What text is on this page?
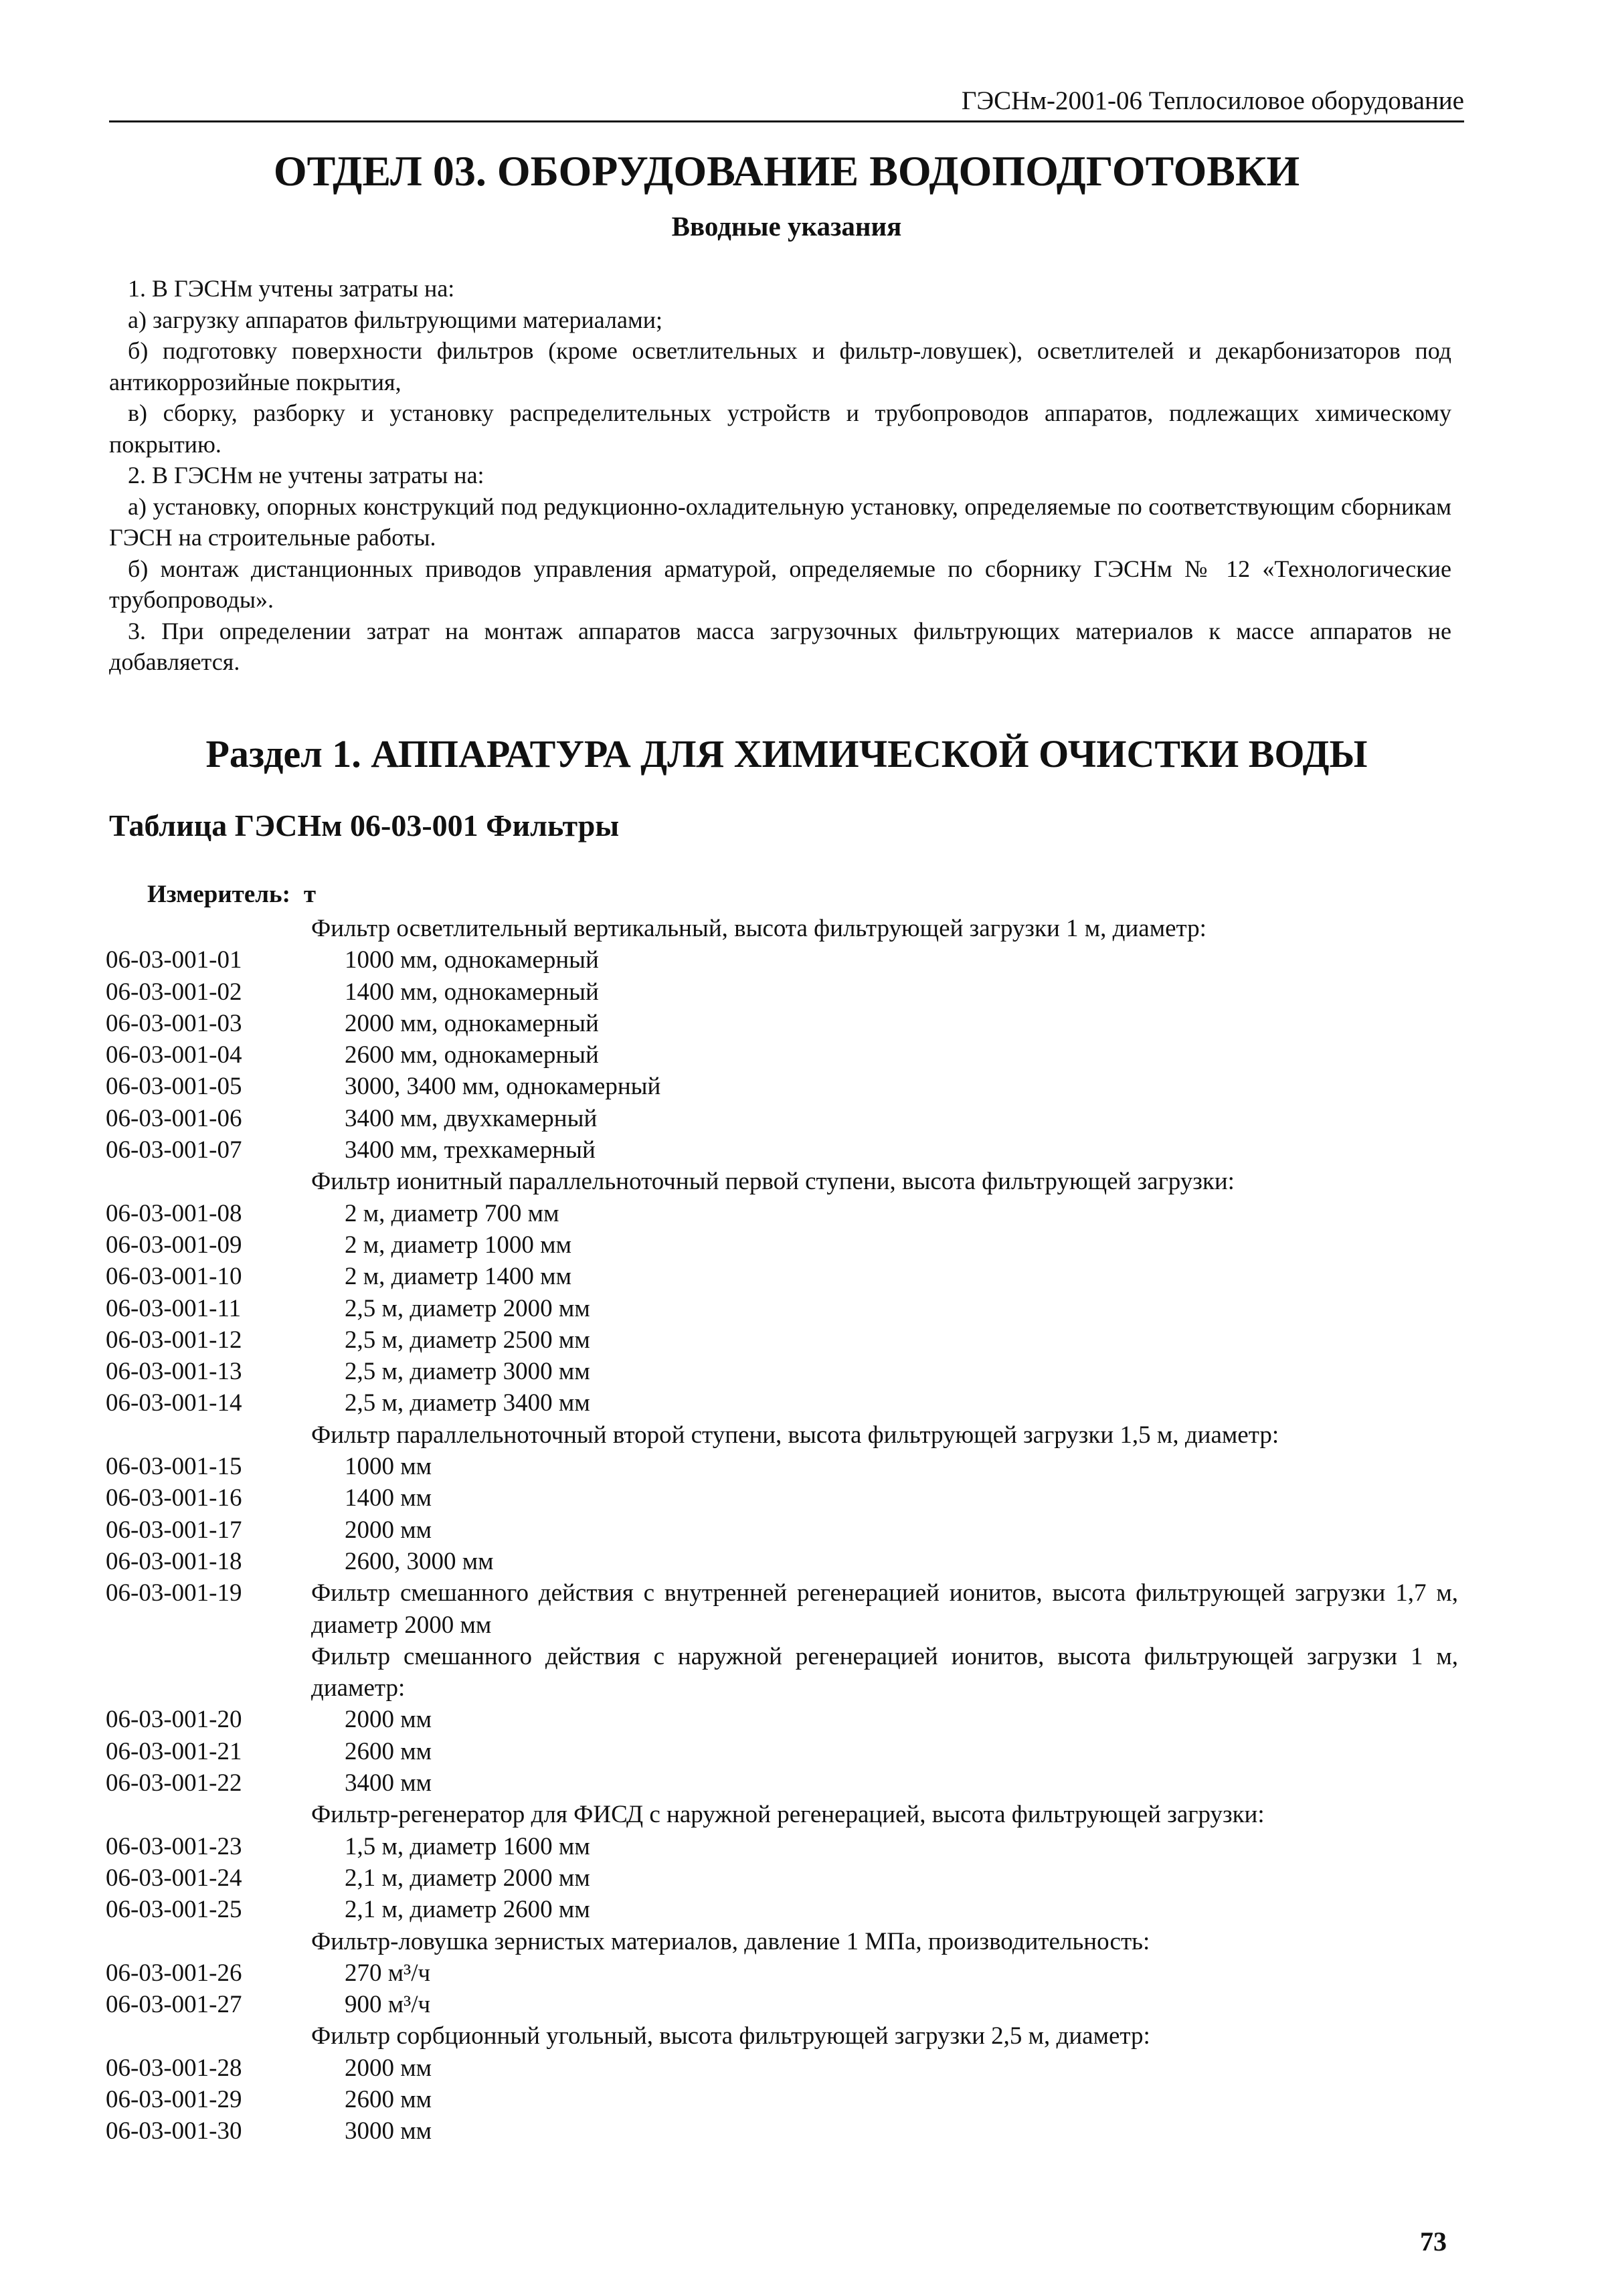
ГЭСНм-2001-06 Теплосиловое оборудование
ОТДЕЛ 03. ОБОРУДОВАНИЕ ВОДОПОДГОТОВКИ
Вводные указания

1. В ГЭСНм учтены затраты на:

а) загрузку аппаратов фильтрующими материалами;

б) подготовку поверхности фильтров (кроме осветлительных и фильтр-ловушек), осветлителей и декарбонизаторов под антикоррозийные покрытия,

в) сборку, разборку и установку распределительных устройств и трубопроводов аппаратов, подлежащих химическому покрытию.

2. В ГЭСНм не учтены затраты на:

а) установку, опорных конструкций под редукционно-охладительную установку, определяемые по соответствующим сборникам ГЭСН на строительные работы.

б) монтаж дистанционных приводов управления арматурой, определяемые по сборнику ГЭСНм № 12 «Технологические трубопроводы».

3. При определении затрат на монтаж аппаратов масса загрузочных фильтрующих материалов к массе аппаратов не добавляется.

Раздел 1. АППАРАТУРА ДЛЯ ХИМИЧЕСКОЙ ОЧИСТКИ ВОДЫ
Таблица ГЭСНм 06-03-001 Фильтры
Измеритель: т
Фильтр осветлительный вертикальный, высота фильтрующей загрузки 1 м, диаметр:
06-03-001-01	1000 мм, однокамерный
06-03-001-02	1400 мм, однокамерный
06-03-001-03	2000 мм, однокамерный
06-03-001-04	2600 мм, однокамерный
06-03-001-05	3000, 3400 мм, однокамерный
06-03-001-06	3400 мм, двухкамерный
06-03-001-07	3400 мм, трехкамерный
Фильтр ионитный параллельноточный первой ступени, высота фильтрующей загрузки:
06-03-001-08	2 м, диаметр 700 мм
06-03-001-09	2 м, диаметр 1000 мм
06-03-001-10	2 м, диаметр 1400 мм
06-03-001-11	2,5 м, диаметр 2000 мм
06-03-001-12	2,5 м, диаметр 2500 мм
06-03-001-13	2,5 м, диаметр 3000 мм
06-03-001-14	2,5 м, диаметр 3400 мм
Фильтр параллельноточный второй ступени, высота фильтрующей загрузки 1,5 м, диаметр:
06-03-001-15	1000 мм
06-03-001-16	1400 мм
06-03-001-17	2000 мм
06-03-001-18	2600, 3000 мм
06-03-001-19	Фильтр смешанного действия с внутренней регенерацией ионитов, высота фильтрующей загрузки 1,7 м, диаметр 2000 мм
Фильтр смешанного действия с наружной регенерацией ионитов, высота фильтрующей загрузки 1 м, диаметр:
06-03-001-20	2000 мм
06-03-001-21	2600 мм
06-03-001-22	3400 мм
Фильтр-регенератор для ФИСД с наружной регенерацией, высота фильтрующей загрузки:
06-03-001-23	1,5 м, диаметр 1600 мм
06-03-001-24	2,1 м, диаметр 2000 мм
06-03-001-25	2,1 м, диаметр 2600 мм
Фильтр-ловушка зернистых материалов, давление 1 МПа, производительность:
06-03-001-26	270 м³/ч
06-03-001-27	900 м³/ч
Фильтр сорбционный угольный, высота фильтрующей загрузки 2,5 м, диаметр:
06-03-001-28	2000 мм
06-03-001-29	2600 мм
06-03-001-30	3000 мм
73
